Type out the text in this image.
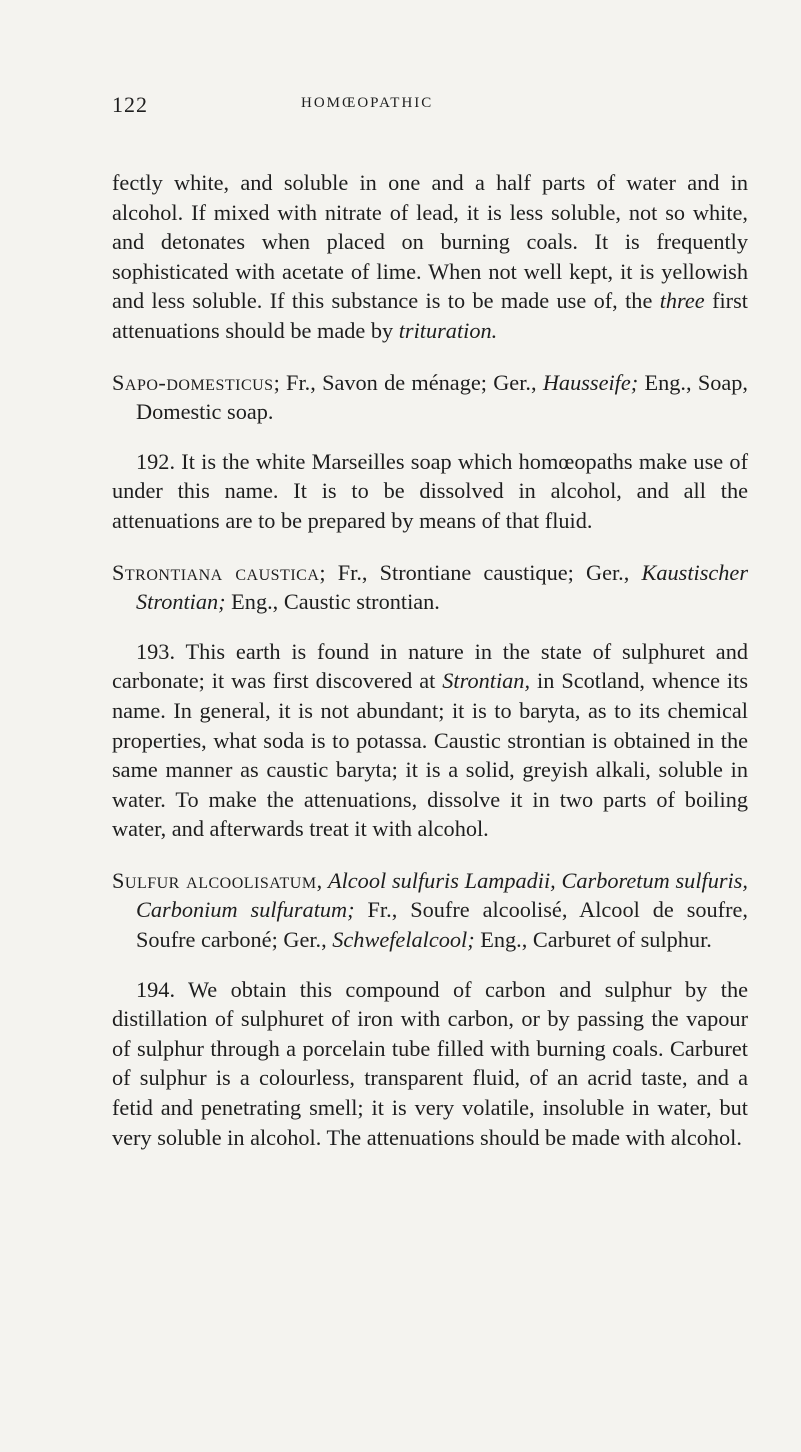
122	HOMŒOPATHIC

fectly white, and soluble in one and a half parts of water and in alcohol. If mixed with nitrate of lead, it is less soluble, not so white, and detonates when placed on burning coals. It is frequently sophisticated with acetate of lime. When not well kept, it is yellowish and less soluble. If this substance is to be made use of, the three first attenuations should be made by trituration.

Sapo-domesticus; Fr., Savon de ménage; Ger., Hausseife; Eng., Soap, Domestic soap.

192. It is the white Marseilles soap which homœopaths make use of under this name. It is to be dissolved in alcohol, and all the attenuations are to be prepared by means of that fluid.

Strontiana caustica; Fr., Strontiane caustique; Ger., Kaustischer Strontian; Eng., Caustic strontian.

193. This earth is found in nature in the state of sulphuret and carbonate; it was first discovered at Strontian, in Scotland, whence its name. In general, it is not abundant; it is to baryta, as to its chemical properties, what soda is to potassa. Caustic strontian is obtained in the same manner as caustic baryta; it is a solid, greyish alkali, soluble in water. To make the attenuations, dissolve it in two parts of boiling water, and afterwards treat it with alcohol.

Sulfur alcoolisatum, Alcool sulfuris Lampadii, Carboretum sulfuris, Carbonium sulfuratum; Fr., Soufre alcoolisé, Alcool de soufre, Soufre carboné; Ger., Schwefelalcool; Eng., Carburet of sulphur.

194. We obtain this compound of carbon and sulphur by the distillation of sulphuret of iron with carbon, or by passing the vapour of sulphur through a porcelain tube filled with burning coals. Carburet of sulphur is a colourless, transparent fluid, of an acrid taste, and a fetid and penetrating smell; it is very volatile, insoluble in water, but very soluble in alcohol. The attenuations should be made with alcohol.
